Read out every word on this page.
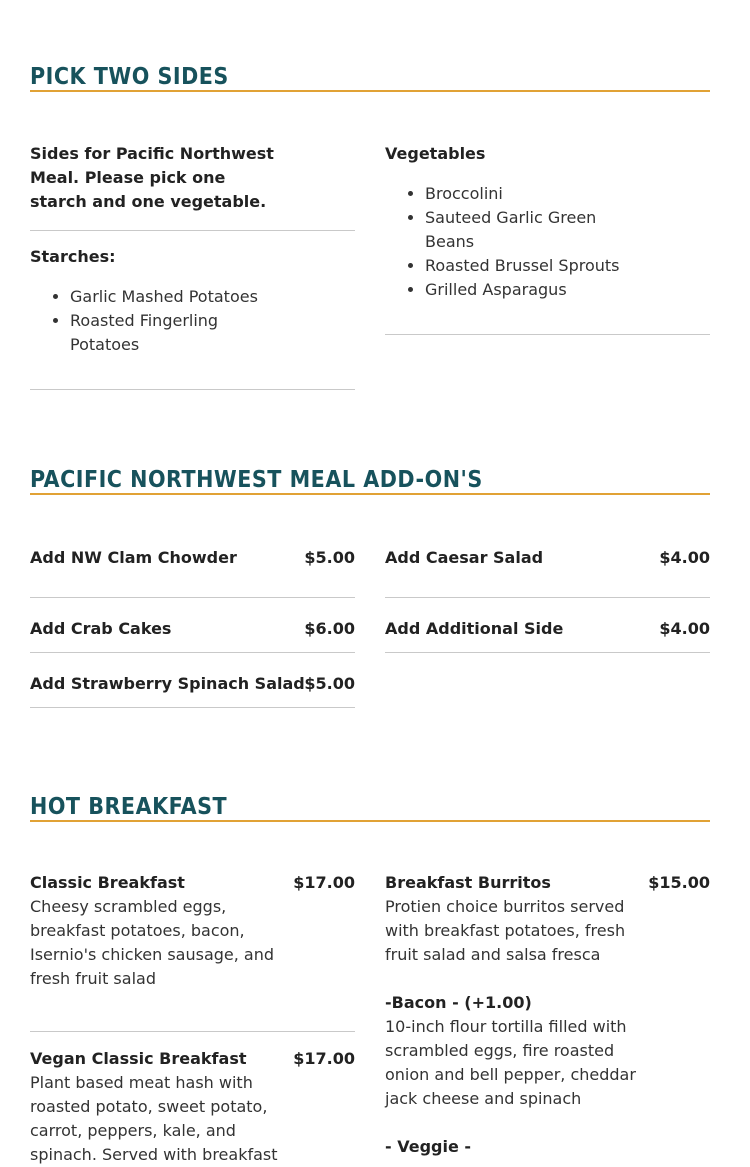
PICK TWO SIDES
Sides for Pacific Northwest Meal. Please pick one starch and one vegetable.
Starches:
• Garlic Mashed Potatoes
• Roasted Fingerling Potatoes
Vegetables
• Broccolini
• Sauteed Garlic Green Beans
• Roasted Brussel Sprouts
• Grilled Asparagus
PACIFIC NORTHWEST MEAL ADD-ON'S
Add NW Clam Chowder	$5.00
Add Crab Cakes	$6.00
Add Strawberry Spinach Salad $5.00
Add Caesar Salad	$4.00
Add Additional Side	$4.00
HOT BREAKFAST
Classic Breakfast	$17.00
Cheesy scrambled eggs, breakfast potatoes, bacon, Isernio's chicken sausage, and fresh fruit salad
Vegan Classic Breakfast	$17.00
Plant based meat hash with roasted potato, sweet potato, carrot, peppers, kale, and spinach. Served with breakfast
Breakfast Burritos	$15.00
Protien choice burritos served with breakfast potatoes, fresh fruit salad and salsa fresca
-Bacon - (+1.00)
10-inch flour tortilla filled with scrambled eggs, fire roasted onion and bell pepper, cheddar jack cheese and spinach
- Veggie -
